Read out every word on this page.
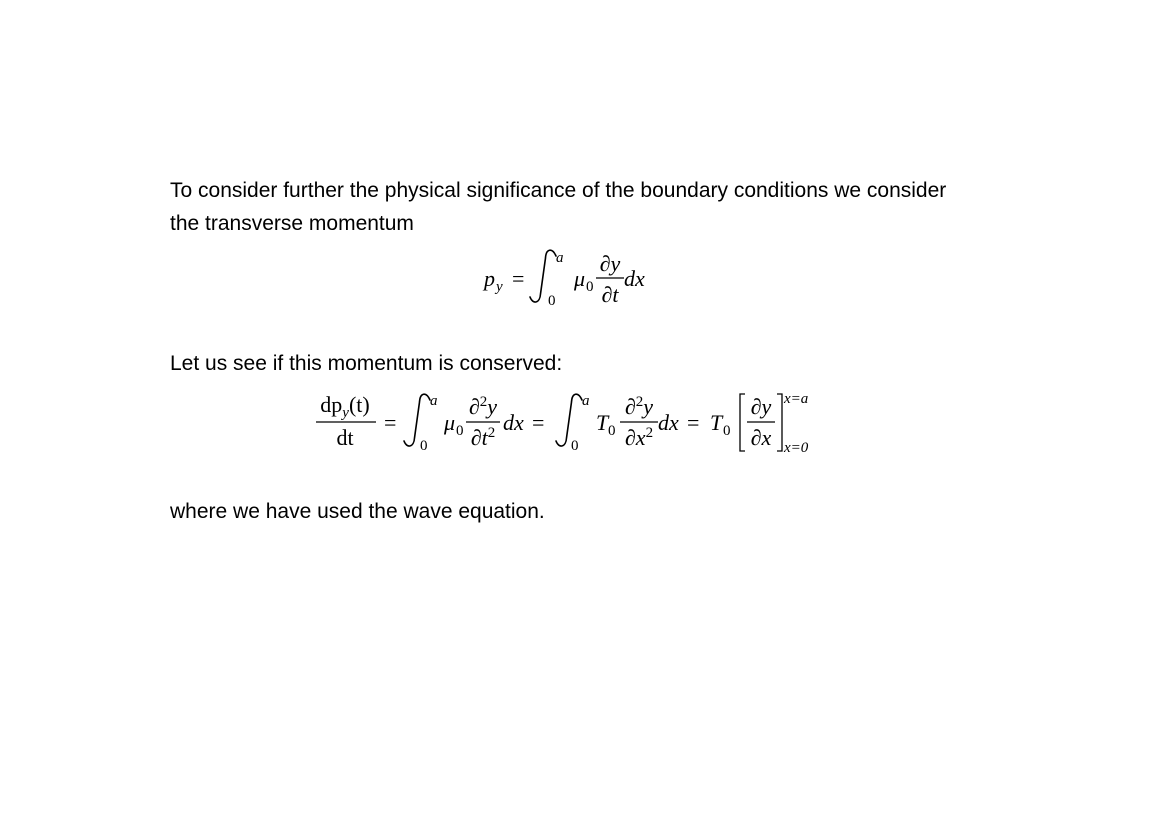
To consider further the physical significance of the boundary conditions we consider
the transverse momentum
p y =
a
0
μ 0
∂y
∂t
dx
Let us see if this momentum is conserved:
$dp_y(t)$
dt
=
a
0
μ 0
∂$^2$y
$\partial t^2$ dx =
a
0
T 0
∂$^2$y
$\partial x^2$ dx = T 0
∂y
∂x
x=a
x=0
where we have used the wave equation.
